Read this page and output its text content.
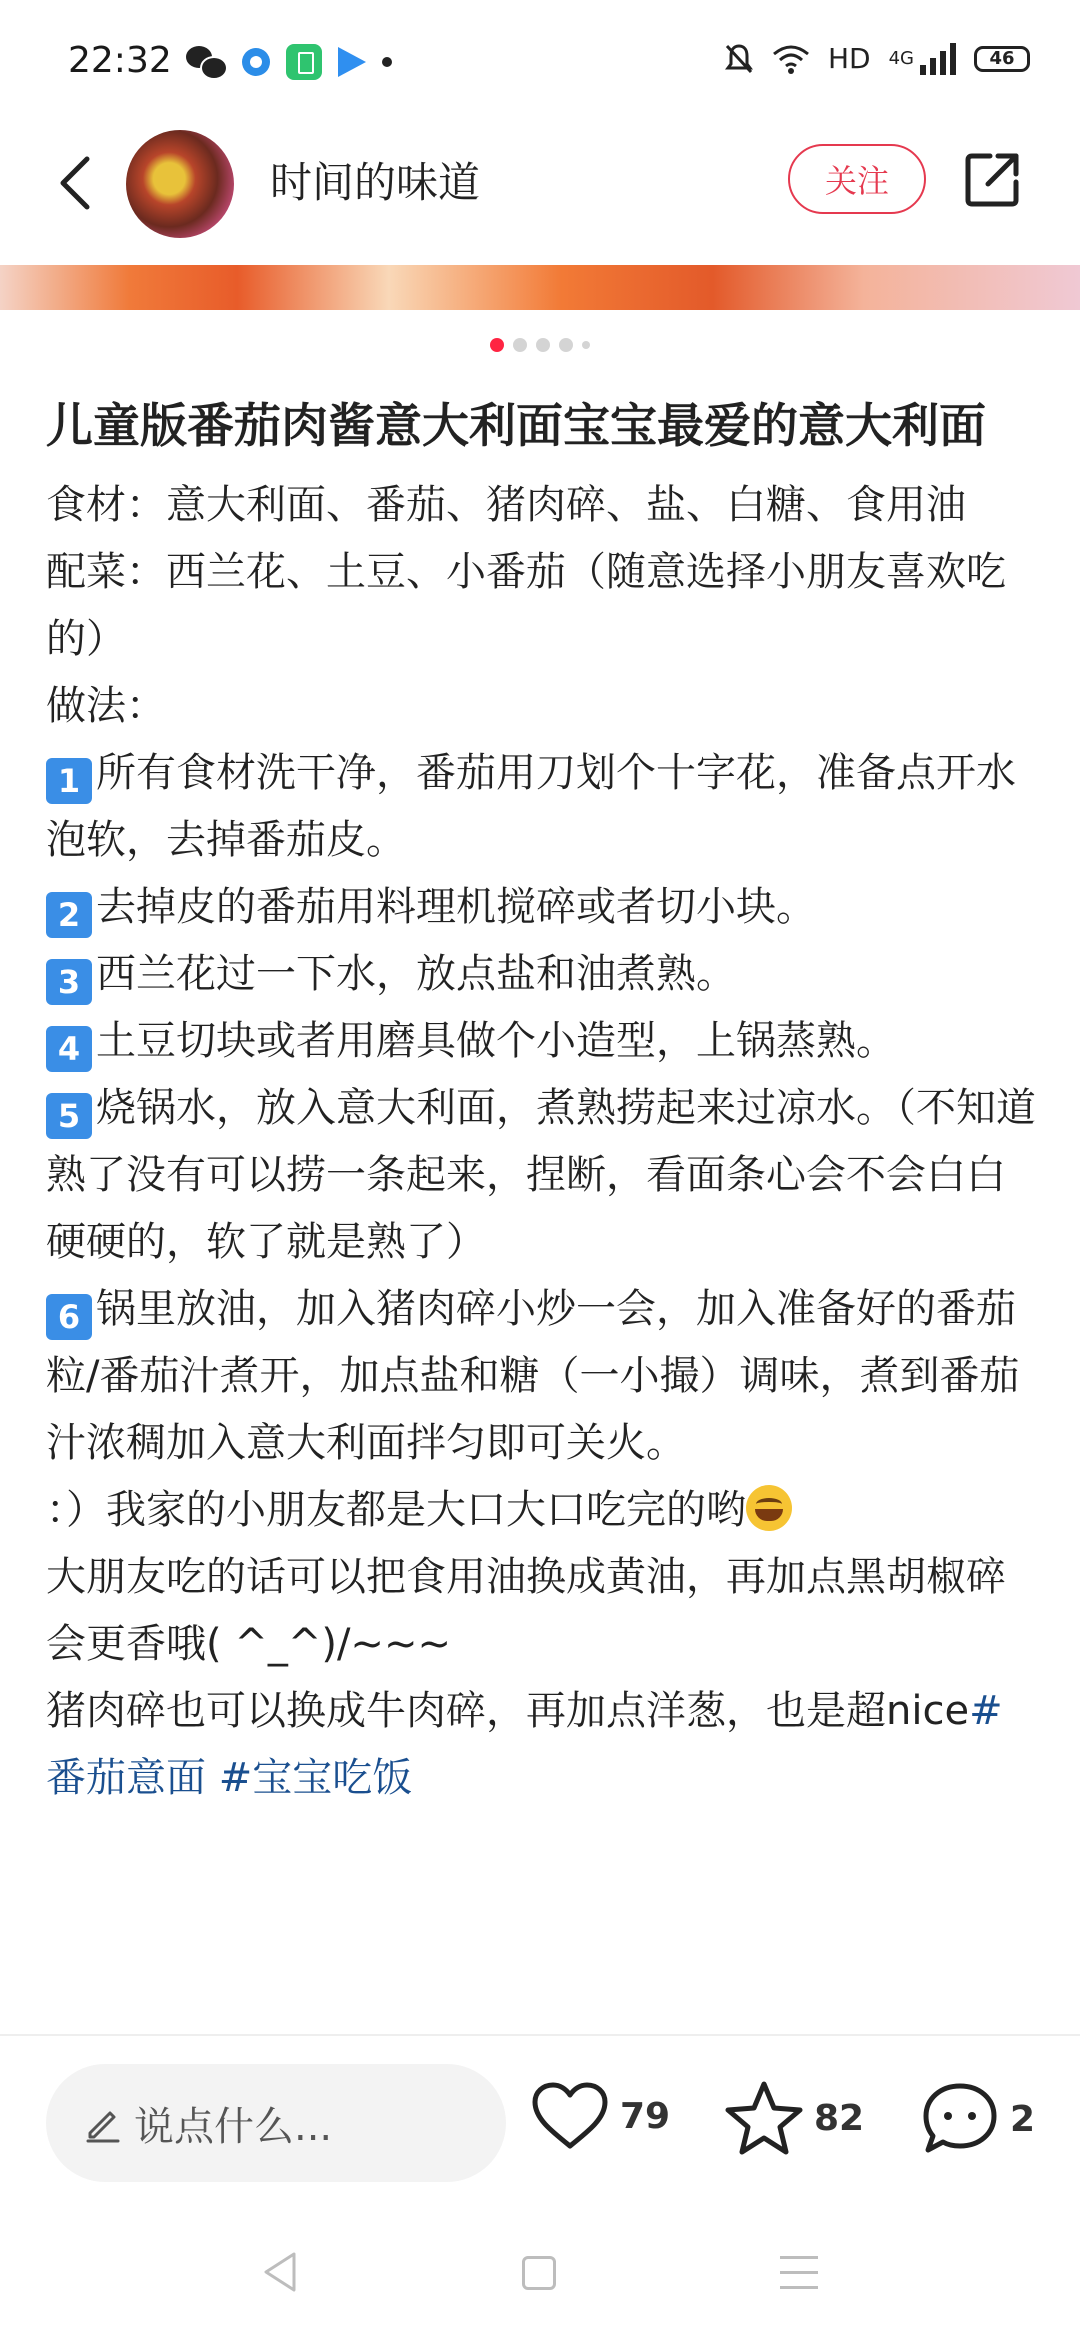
22:32	HD 4G	46
时间的味道	关注
儿童版番茄肉酱意大利面宝宝最爱的意大利面
食材：意大利面、番茄、猪肉碎、盐、白糖、食用油
配菜：西兰花、土豆、小番茄（随意选择小朋友喜欢吃的）
做法：
1 所有食材洗干净，番茄用刀划个十字花，准备点开水泡软，去掉番茄皮。
2 去掉皮的番茄用料理机搅碎或者切小块。
3 西兰花过一下水，放点盐和油煮熟。
4 土豆切块或者用磨具做个小造型，上锅蒸熟。
5 烧锅水，放入意大利面，煮熟捞起来过凉水。（不知道熟了没有可以捞一条起来，捏断，看面条心会不会白白硬硬的，软了就是熟了）
6 锅里放油，加入猪肉碎小炒一会，加入准备好的番茄粒/番茄汁煮开，加点盐和糖（一小撮）调味，煮到番茄汁浓稠加入意大利面拌匀即可关火。
：）我家的小朋友都是大口大口吃完的哟
大朋友吃的话可以把食用油换成黄油，再加点黑胡椒碎会更香哦( ^_^)/~~~
猪肉碎也可以换成牛肉碎，再加点洋葱，也是超nice#番茄意面 #宝宝吃饭
说点什么...	79	82	2
